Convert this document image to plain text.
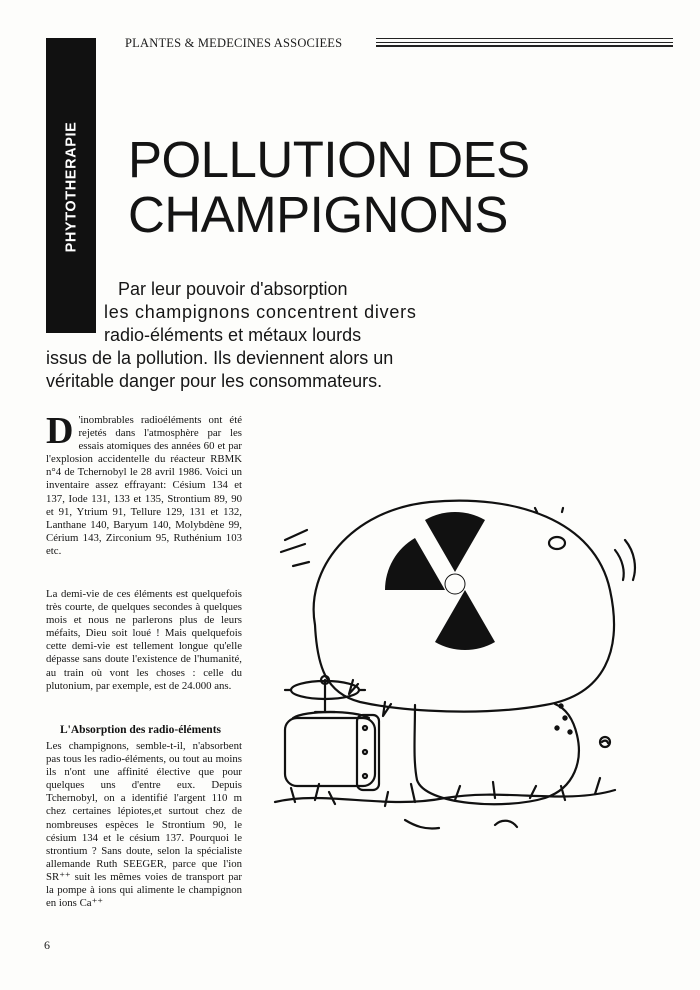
PHYTOTHERAPIE
PLANTES & MEDECINES ASSOCIEES
POLLUTION DES
CHAMPIGNONS
Par leur pouvoir d'absorption
les champignons concentrent divers
radio-éléments et métaux lourds
issus de la pollution. Ils deviennent alors un
véritable danger pour les consommateurs.
D 'inombrables radioéléments ont été rejetés dans l'atmosphère par les essais atomiques des années 60 et par l'explosion accidentelle du réacteur RBMK n°4 de Tchernobyl le 28 avril 1986. Voici un inventaire assez effrayant: Césium 134 et 137, Iode 131, 133 et 135, Strontium 89, 90 et 91, Ytrium 91, Tellure 129, 131 et 132, Lanthane 140, Baryum 140, Molybdène 99, Cérium 143, Zirconium 95, Ruthénium 103 etc.
La demi-vie de ces éléments est quelquefois très courte, de quelques secondes à quelques mois et nous ne parlerons plus de leurs méfaits, Dieu soit loué ! Mais quelquefois cette demi-vie est tellement longue qu'elle dépasse sans doute l'existence de l'humanité, au train où vont les choses : celle du plutonium, par exemple, est de 24.000 ans.
L'Absorption des radio-éléments
Les champignons, semble-t-il, n'absorbent pas tous les radio-éléments, ou tout au moins ils n'ont une affinité élective que pour quelques uns d'entre eux. Depuis Tchernobyl, on a identifié l'argent 110 m chez certaines lépiotes,et surtout chez de nombreuses espèces le Strontium 90, le césium 134 et le césium 137. Pourquoi le strontium ? Sans doute, selon la spécialiste allemande Ruth SEEGER, parce que l'ion SR⁺⁺ suit les mêmes voies de transport par la pompe à ions qui alimente le champignon en ions Ca⁺⁺
6
